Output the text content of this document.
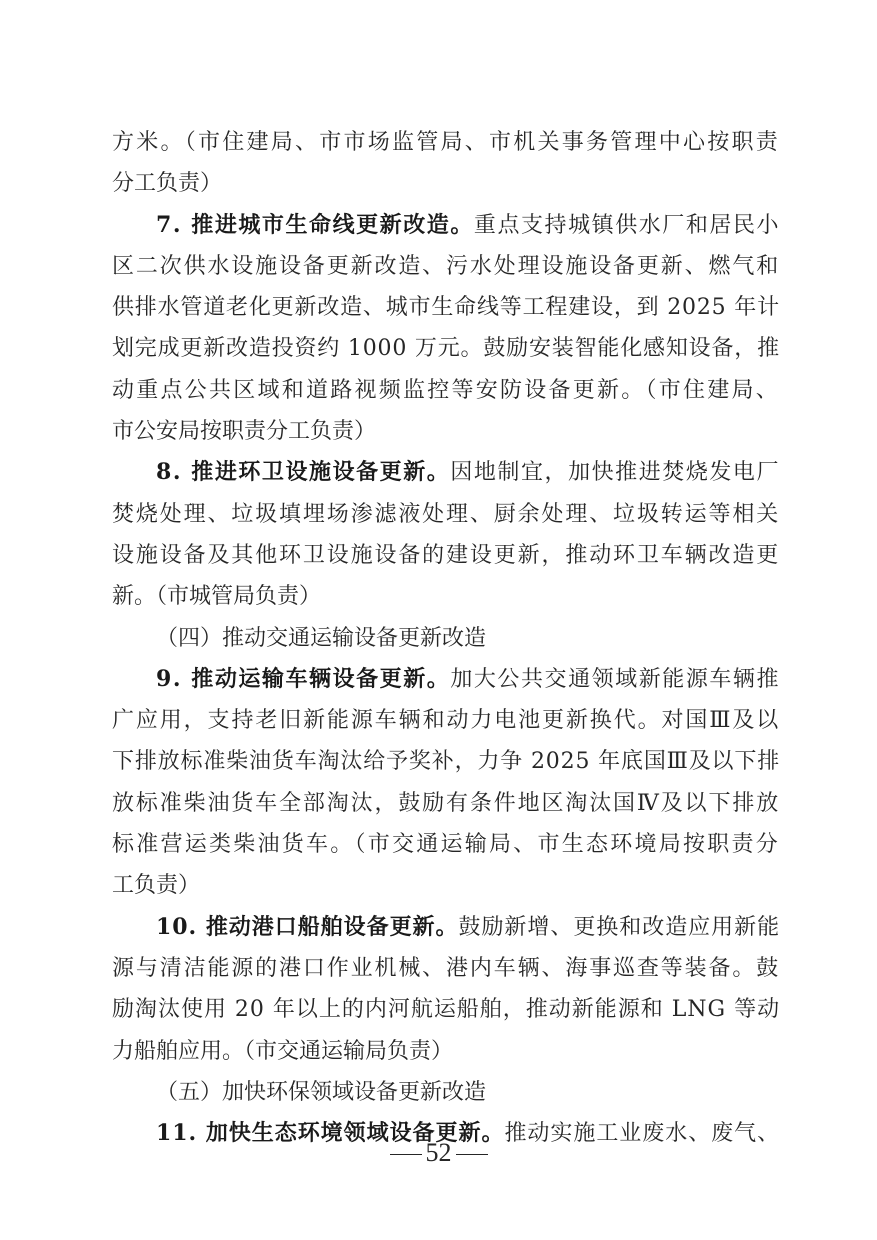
方米。（市住建局、市市场监管局、市机关事务管理中心按职责
分工负责）
7. 推进城市生命线更新改造。重点支持城镇供水厂和居民小
区二次供水设施设备更新改造、污水处理设施设备更新、燃气和
供排水管道老化更新改造、城市生命线等工程建设，到 2025 年计
划完成更新改造投资约 1000 万元。鼓励安装智能化感知设备，推
动重点公共区域和道路视频监控等安防设备更新。（市住建局、
市公安局按职责分工负责）
8. 推进环卫设施设备更新。因地制宜，加快推进焚烧发电厂
焚烧处理、垃圾填埋场渗滤液处理、厨余处理、垃圾转运等相关
设施设备及其他环卫设施设备的建设更新，推动环卫车辆改造更
新。（市城管局负责）
（四）推动交通运输设备更新改造
9. 推动运输车辆设备更新。加大公共交通领域新能源车辆推
广应用，支持老旧新能源车辆和动力电池更新换代。对国Ⅲ及以
下排放标准柴油货车淘汰给予奖补，力争 2025 年底国Ⅲ及以下排
放标准柴油货车全部淘汰，鼓励有条件地区淘汰国Ⅳ及以下排放
标准营运类柴油货车。（市交通运输局、市生态环境局按职责分
工负责）
10. 推动港口船舶设备更新。鼓励新增、更换和改造应用新能
源与清洁能源的港口作业机械、港内车辆、海事巡查等装备。鼓
励淘汰使用 20 年以上的内河航运船舶，推动新能源和 LNG 等动
力船舶应用。（市交通运输局负责）
（五）加快环保领域设备更新改造
11. 加快生态环境领域设备更新。推动实施工业废水、废气、
52
